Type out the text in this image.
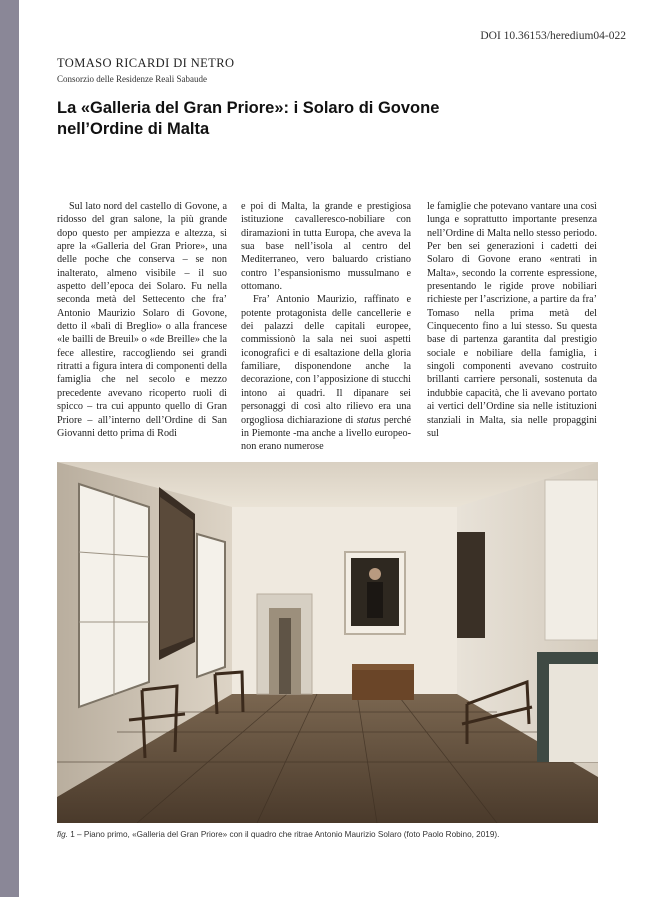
DOI 10.36153/heredium04-022
TOMASO RICARDI DI NETRO
Consorzio delle Residenze Reali Sabaude
La «Galleria del Gran Priore»: i Solaro di Govone nell’Ordine di Malta

Sul lato nord del castello di Govone, a ridosso del gran salone, la più grande dopo questo per ampiezza e altezza, si apre la «Galleria del Gran Priore», una delle poche che conserva – se non inalterato, almeno visibile – il suo aspetto dell’epoca dei Solaro. Fu nella seconda metà del Settecento che fra’ Antonio Maurizio Solaro di Govone, detto il «balì di Breglio» o alla francese «le bailli de Breuil» o «de Breille» che la fece allestire, raccogliendo sei grandi ritratti a figura intera di componenti della famiglia che nel secolo e mezzo precedente avevano ricoperto ruoli di spicco – tra cui appunto quello di Gran Priore – all’interno dell’Ordine di San Giovanni detto prima di Rodi

e poi di Malta, la grande e prestigiosa istituzione cavalleresco-nobiliare con diramazioni in tutta Europa, che aveva la sua base nell’isola al centro del Mediterraneo, vero baluardo cristiano contro l’espansionismo mussulmano e ottomano.

Fra’ Antonio Maurizio, raffinato e potente protagonista delle cancellerie e dei palazzi delle capitali europee, commissionò la sala nei suoi aspetti iconografici e di esaltazione della gloria familiare, disponendone anche la decorazione, con l’apposizione di stucchi intono ai quadri. Il dipanare sei personaggi di così alto rilievo era una orgogliosa dichiarazione di status perché in Piemonte -ma anche a livello europeo- non erano numerose

le famiglie che potevano vantare una così lunga e soprattutto importante presenza nell’Ordine di Malta nello stesso periodo. Per ben sei generazioni i cadetti dei Solaro di Govone erano «entrati in Malta», secondo la corrente espressione, presentando le rigide prove nobiliari richieste per l’ascrizione, a partire da fra’ Tomaso nella prima metà del Cinquecento fino a lui stesso. Su questa base di partenza garantita dal prestigio sociale e nobiliare della famiglia, i singoli componenti avevano costruito brillanti carriere personali, sostenuta da indubbie capacità, che li avevano portato ai vertici dell’Ordine sia nelle istituzioni stanziali in Malta, sia nelle propaggini sul

fig. 1 – Piano primo, «Galleria del Gran Priore» con il quadro che ritrae Antonio Maurizio Solaro (foto Paolo Robino, 2019).
